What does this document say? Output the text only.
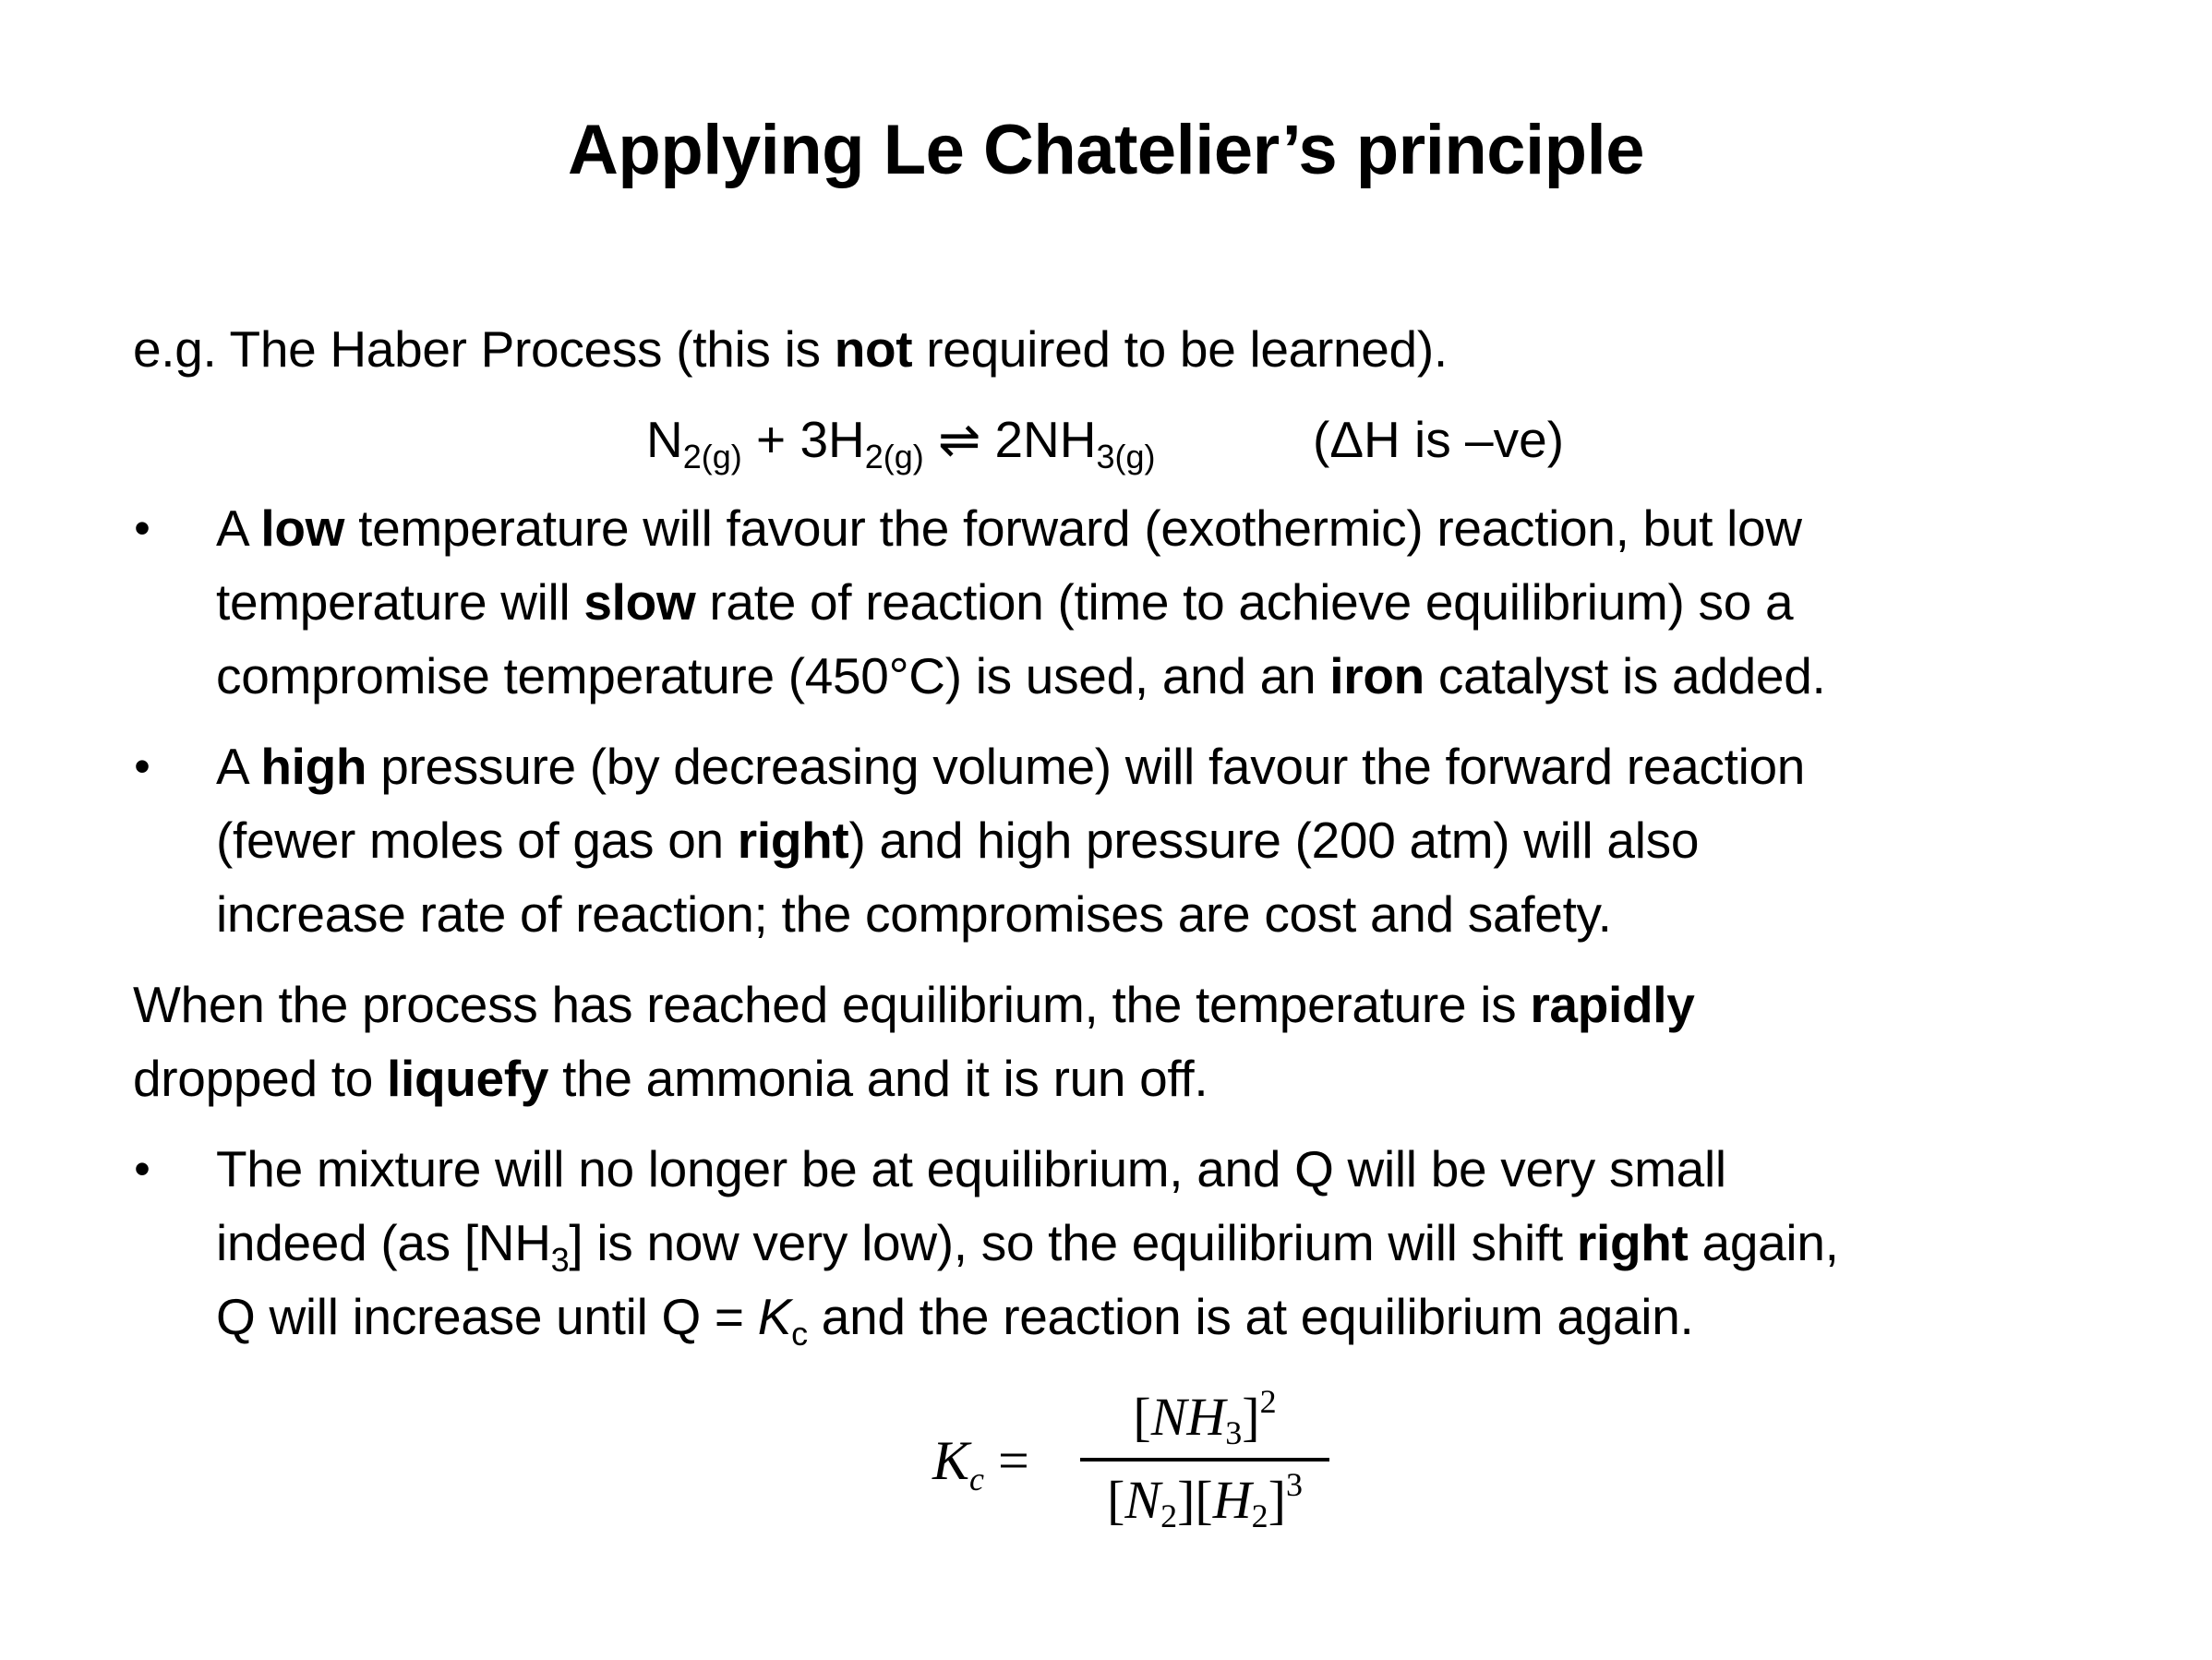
Applying Le Chatelier’s principle
e.g. The Haber Process (this is not required to be learned).
$N_{2(g)} + 3H_{2(g)}$ ⇌ $2NH_{3(g)}$	(ΔH is –ve)
• A low temperature will favour the forward (exothermic) reaction, but low
temperature will slow rate of reaction (time to achieve equilibrium) so a
compromise temperature (450°C) is used, and an iron catalyst is added.
• A high pressure (by decreasing volume) will favour the forward reaction
(fewer moles of gas on right) and high pressure (200 atm) will also
increase rate of reaction; the compromises are cost and safety.
When the process has reached equilibrium, the temperature is rapidly
dropped to liquefy the ammonia and it is run off.
• The mixture will no longer be at equilibrium, and Q will be very small
indeed (as $[NH_3]$ is now very low), so the equilibrium will shift right again,
Q will increase until $Q = K_c$ and the reaction is at equilibrium again.
$K_c$ =
$[NH_3]^2$
$[N_2][H_2]^3$
